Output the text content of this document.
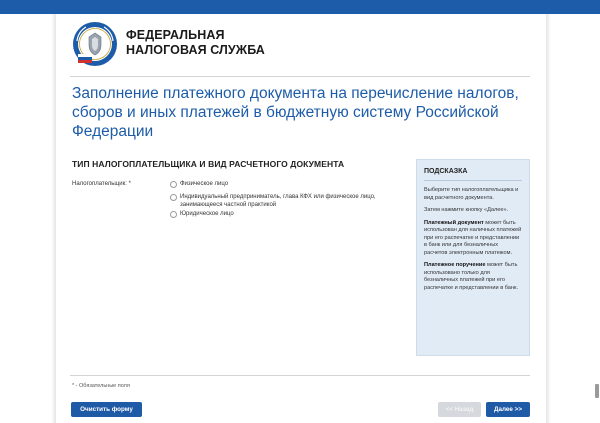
ФЕДЕРАЛЬНАЯ
НАЛОГОВАЯ СЛУЖБА
Заполнение платежного документа на перечисление налогов, сборов и иных платежей в бюджетную систему Российской Федерации
ТИП НАЛОГОПЛАТЕЛЬЩИКА И ВИД РАСЧЕТНОГО ДОКУМЕНТА
Налогоплательщик: *	Физическое лицо
Индивидуальный предприниматель, глава КФХ или физическое лицо, занимающееся частной практикой
Юридическое лицо
ПОДСКАЗКА

Выберите тип налогоплательщика и вид расчетного документа.

Затем нажмите кнопку «Далее».

Платежный документ может быть использован для наличных платежей при его распечатке и представлении в банк или для безналичных расчетов электронным платежом.

Платежное поручение может быть использовано только для безналичных платежей при его распечатке и представлении в банк.

* - Обязательные поля
Очистить форму	<< Назад	Далее >>
